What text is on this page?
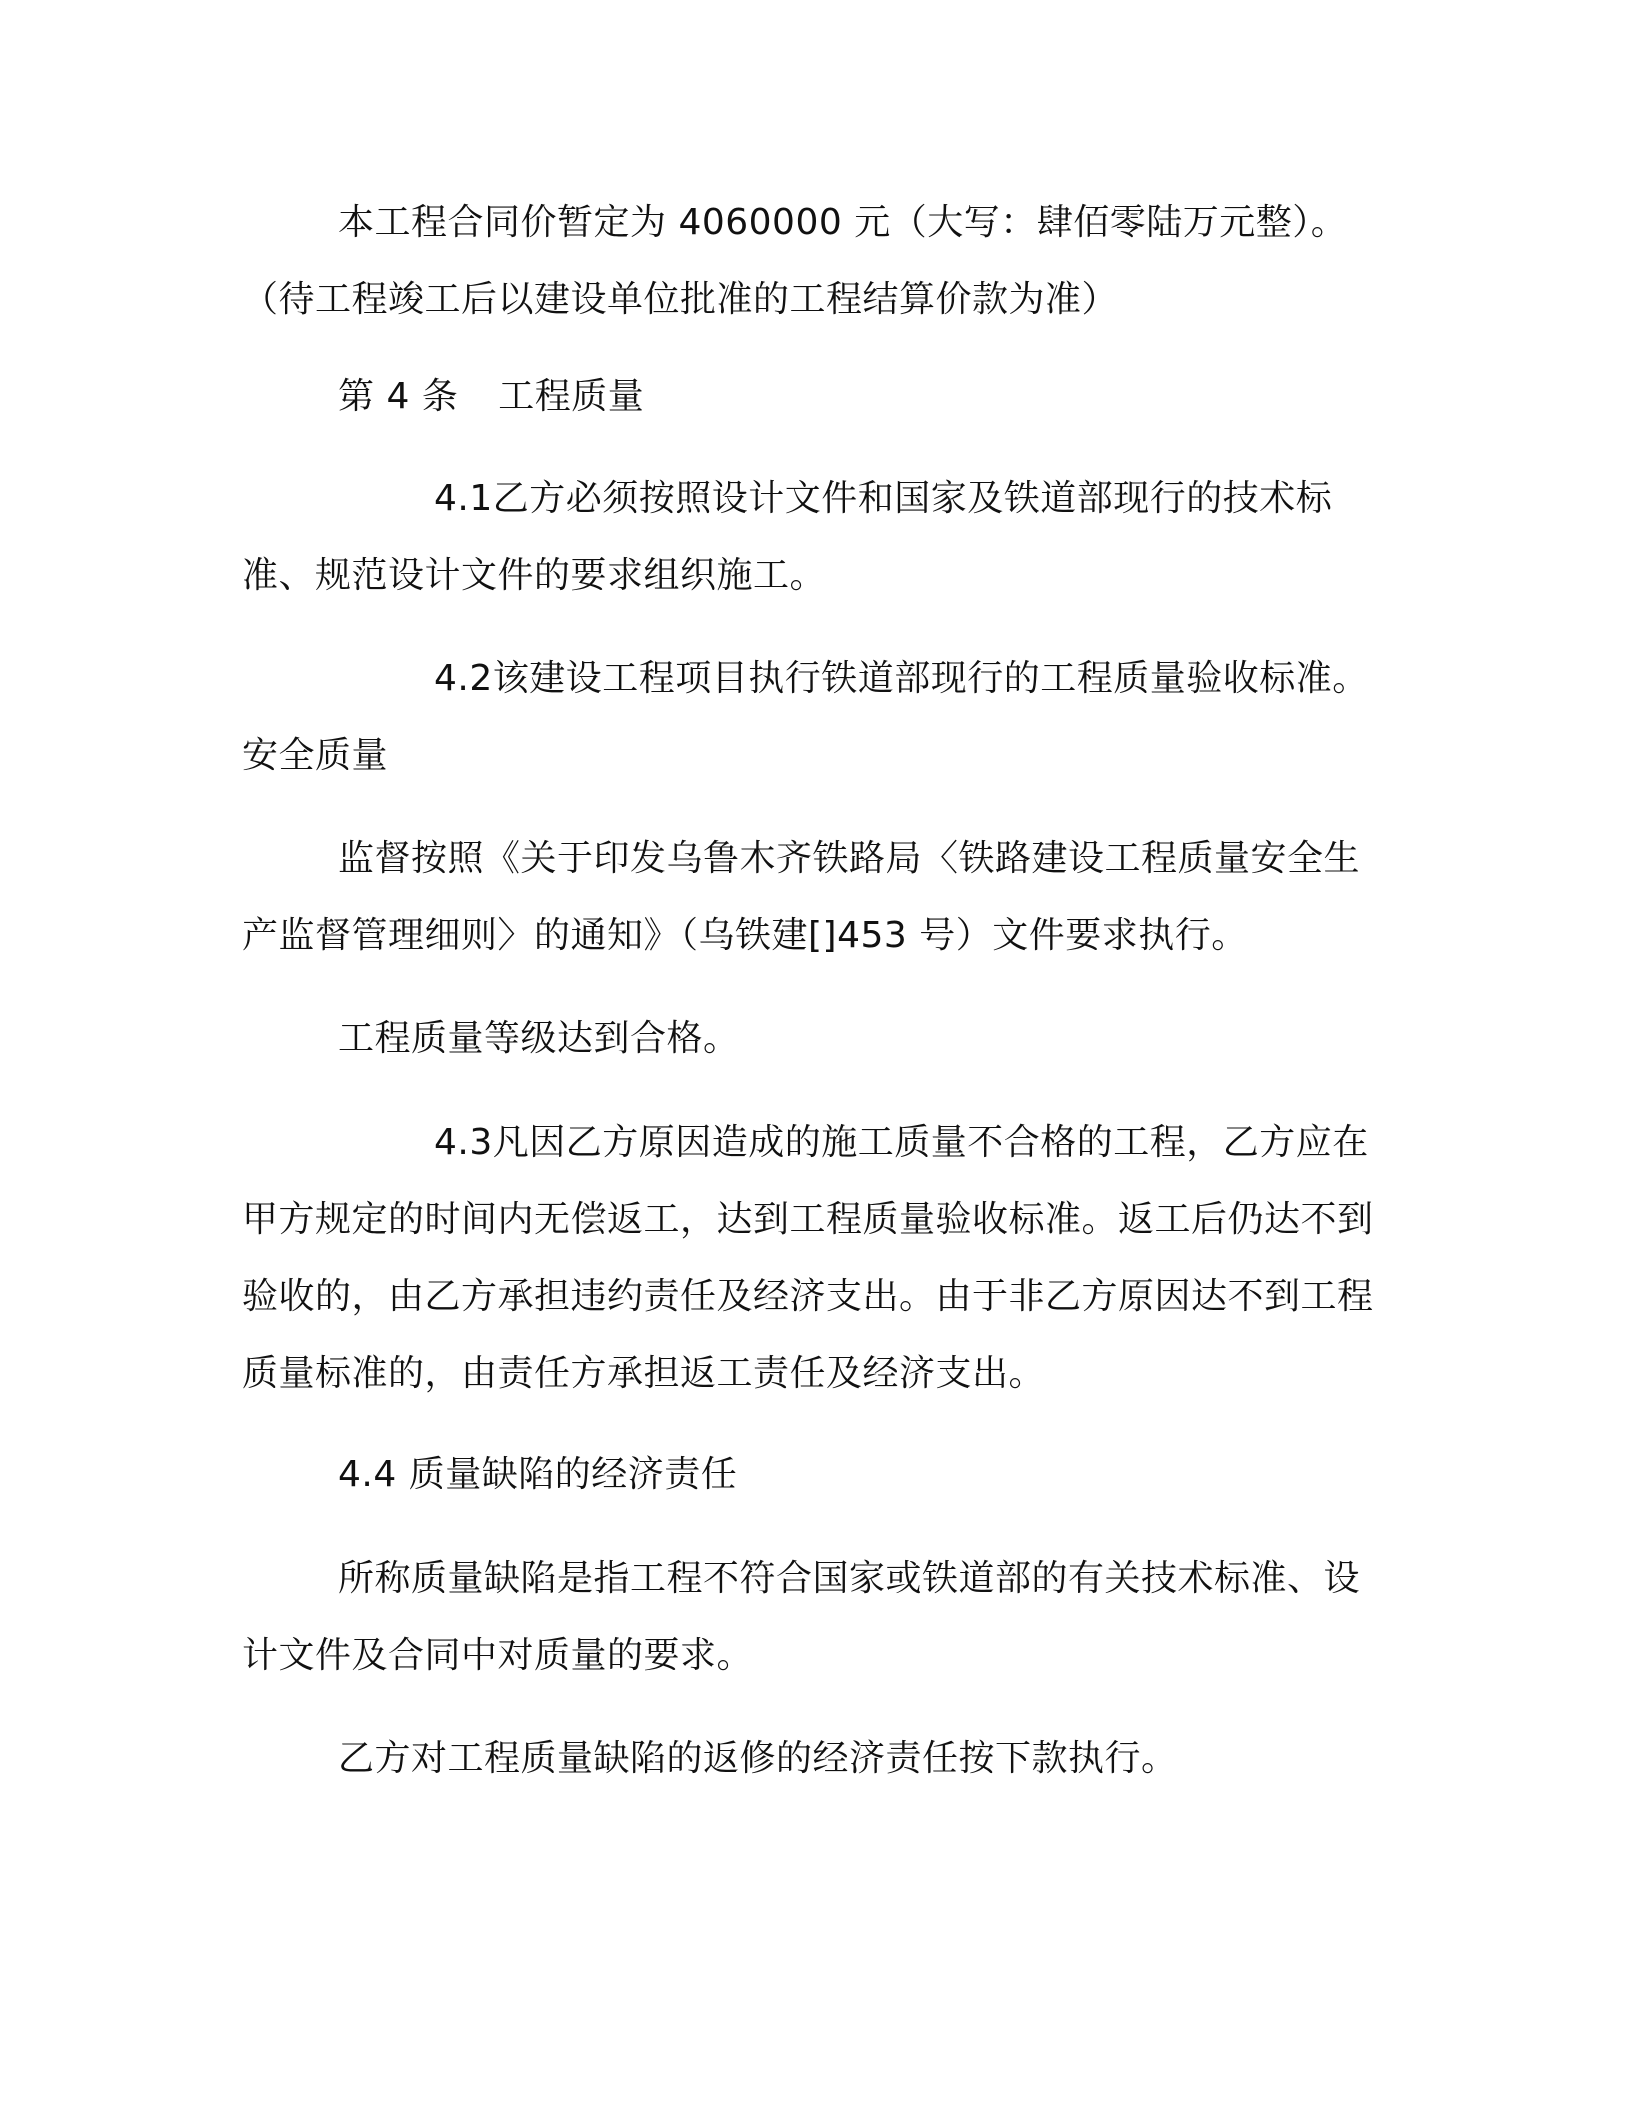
本工程合同价暂定为 4060000 元（大写：肆佰零陆万元整）。（待工程竣工后以建设单位批准的工程结算价款为准）

第 4 条 工程质量

4.1乙方必须按照设计文件和国家及铁道部现行的技术标准、规范设计文件的要求组织施工。

4.2该建设工程项目执行铁道部现行的工程质量验收标准。安全质量

监督按照《关于印发乌鲁木齐铁路局〈铁路建设工程质量安全生产监督管理细则〉的通知》（乌铁建[]453 号）文件要求执行。

工程质量等级达到合格。

4.3凡因乙方原因造成的施工质量不合格的工程，乙方应在甲方规定的时间内无偿返工，达到工程质量验收标准。返工后仍达不到验收的，由乙方承担违约责任及经济支出。由于非乙方原因达不到工程质量标准的，由责任方承担返工责任及经济支出。

4.4 质量缺陷的经济责任

所称质量缺陷是指工程不符合国家或铁道部的有关技术标准、设计文件及合同中对质量的要求。

乙方对工程质量缺陷的返修的经济责任按下款执行。
